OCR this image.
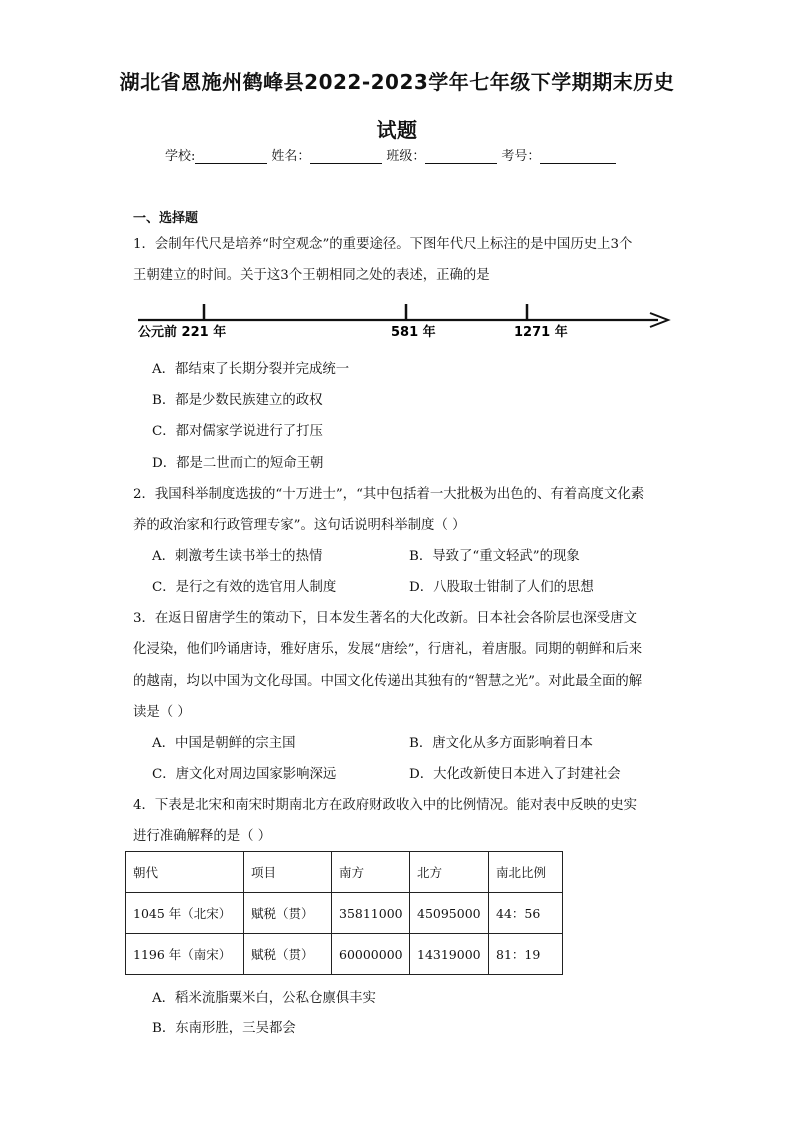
湖北省恩施州鹤峰县2022-2023学年七年级下学期期末历史
试题
学校:	姓名：	班级：	考号：
一、选择题
1．会制年代尺是培养“时空观念”的重要途径。下图年代尺上标注的是中国历史上3个
王朝建立的时间。关于这3个王朝相同之处的表述，正确的是
公元前 221 年	581 年	1271 年
A．都结束了长期分裂并完成统一
B．都是少数民族建立的政权
C．都对儒家学说进行了打压
D．都是二世而亡的短命王朝
2．我国科举制度选拔的“十万进士”，“其中包括着一大批极为出色的、有着高度文化素
养的政治家和行政管理专家”。这句话说明科举制度（ ）
A．刺激考生读书举士的热情	B．导致了“重文轻武”的现象
C．是行之有效的选官用人制度	D．八股取士钳制了人们的思想
3．在返日留唐学生的策动下，日本发生著名的大化改新。日本社会各阶层也深受唐文
化浸染，他们吟诵唐诗，雅好唐乐，发展“唐绘”，行唐礼，着唐服。同期的朝鲜和后来
的越南，均以中国为文化母国。中国文化传递出其独有的“智慧之光”。对此最全面的解
读是（ ）
A．中国是朝鲜的宗主国	B．唐文化从多方面影响着日本
C．唐文化对周边国家影响深远	D．大化改新使日本进入了封建社会
4．下表是北宋和南宋时期南北方在政府财政收入中的比例情况。能对表中反映的史实
进行准确解释的是（ ）
朝代	项目	南方	北方	南北比例
1045 年（北宋）	赋税（贯）	35811000	45095000	44：56
1196 年（南宋）	赋税（贯）	60000000	14319000	81：19
A．稻米流脂粟米白，公私仓廪俱丰实
B．东南形胜，三吴都会
